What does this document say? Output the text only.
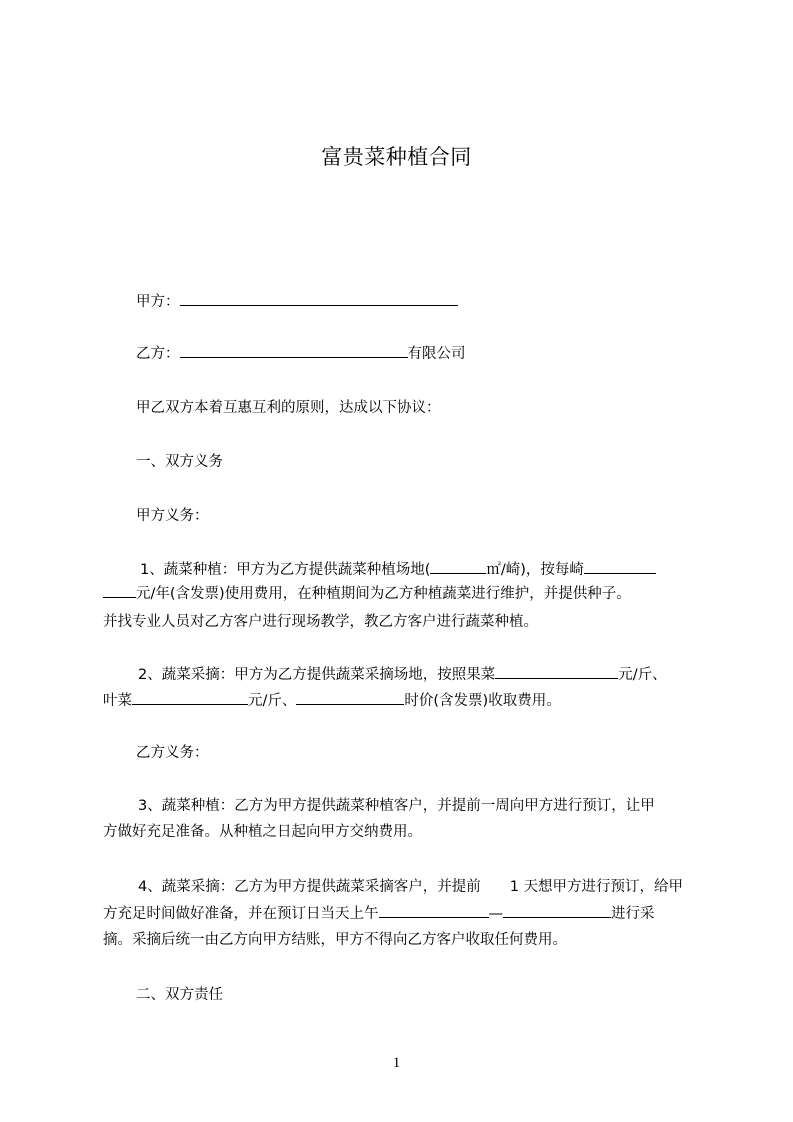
富贵菜种植合同
甲方：
乙方：	有限公司
甲乙双方本着互惠互利的原则，达成以下协议：
一、双方义务
甲方义务：
1、蔬菜种植：甲方为乙方提供蔬菜种植场地(	㎡/崎)，按每崎
元/年(含发票)使用费用，在种植期间为乙方种植蔬菜进行维护，并提供种子。
并找专业人员对乙方客户进行现场教学，教乙方客户进行蔬菜种植。
2、蔬菜采摘：甲方为乙方提供蔬菜采摘场地，按照果菜	元/斤、
叶菜	元/斤、	时价(含发票)收取费用。
乙方义务：
3、蔬菜种植：乙方为甲方提供蔬菜种植客户，并提前一周向甲方进行预订，让甲
方做好充足准备。从种植之日起向甲方交纳费用。
4、蔬菜采摘：乙方为甲方提供蔬菜采摘客户，并提前　　1 天想甲方进行预订，给甲
方充足时间做好准备，并在预订日当天上午	—	进行采
摘。采摘后统一由乙方向甲方结账，甲方不得向乙方客户收取任何费用。
二、双方责任
1
